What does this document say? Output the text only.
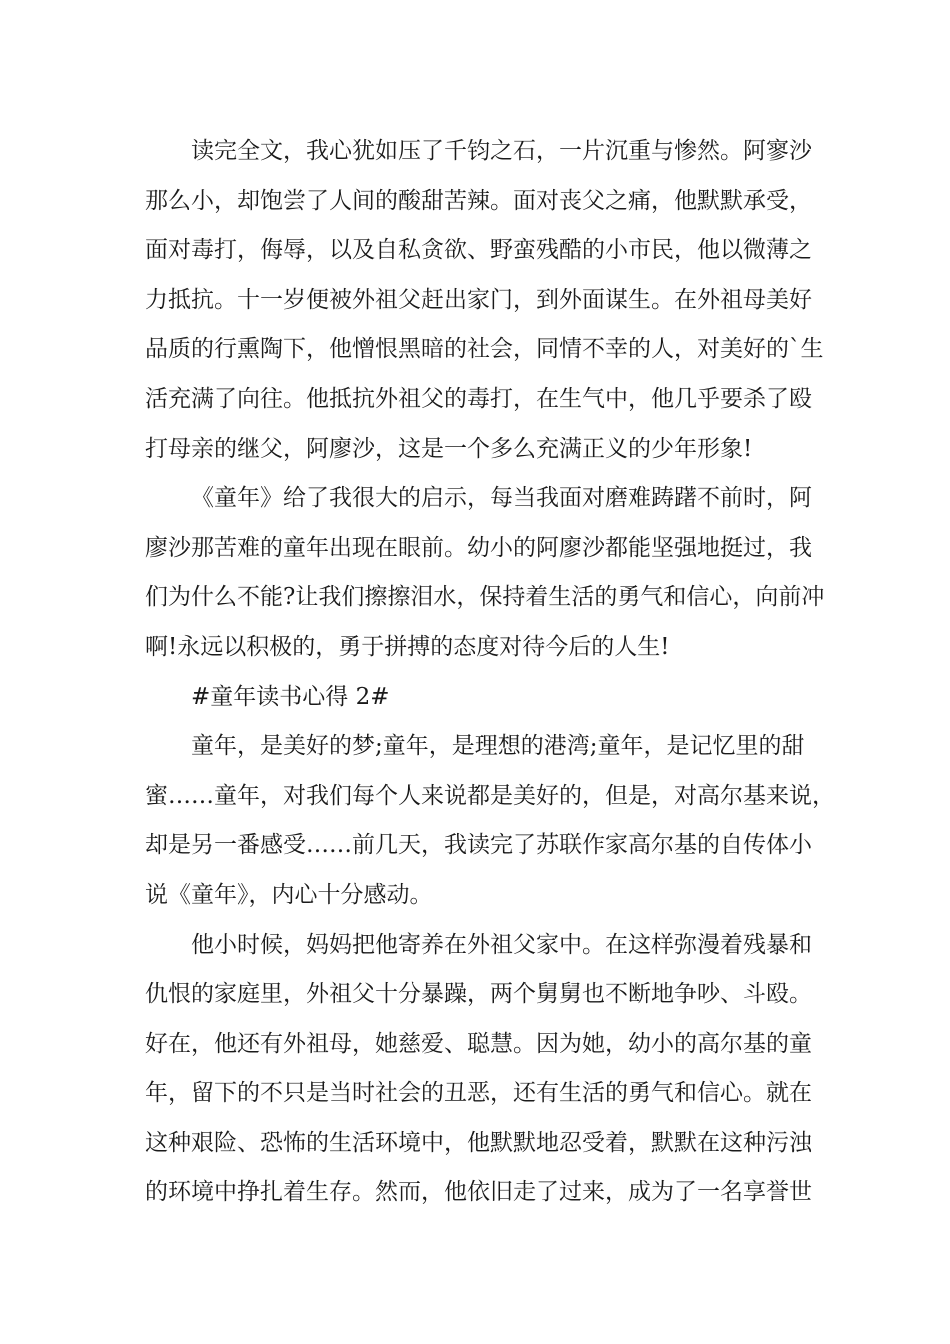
读完全文，我心犹如压了千钧之石，一片沉重与惨然。阿寥沙
那么小，却饱尝了人间的酸甜苦辣。面对丧父之痛，他默默承受，
面对毒打，侮辱，以及自私贪欲、野蛮残酷的小市民，他以微薄之
力抵抗。十一岁便被外祖父赶出家门，到外面谋生。在外祖母美好
品质的行熏陶下，他憎恨黑暗的社会，同情不幸的人，对美好的`生
活充满了向往。他抵抗外祖父的毒打，在生气中，他几乎要杀了殴
打母亲的继父，阿廖沙，这是一个多么充满正义的少年形象!
《童年》给了我很大的启示，每当我面对磨难踌躇不前时，阿
廖沙那苦难的童年出现在眼前。幼小的阿廖沙都能坚强地挺过，我
们为什么不能?让我们擦擦泪水，保持着生活的勇气和信心，向前冲
啊!永远以积极的，勇于拼搏的态度对待今后的人生!
#童年读书心得 2#
童年，是美好的梦;童年，是理想的港湾;童年，是记忆里的甜
蜜……童年，对我们每个人来说都是美好的，但是，对高尔基来说，
却是另一番感受……前几天，我读完了苏联作家高尔基的自传体小
说《童年》，内心十分感动。
他小时候，妈妈把他寄养在外祖父家中。在这样弥漫着残暴和
仇恨的家庭里，外祖父十分暴躁，两个舅舅也不断地争吵、斗殴。
好在，他还有外祖母，她慈爱、聪慧。因为她，幼小的高尔基的童
年，留下的不只是当时社会的丑恶，还有生活的勇气和信心。就在
这种艰险、恐怖的生活环境中，他默默地忍受着，默默在这种污浊
的环境中挣扎着生存。然而，他依旧走了过来，成为了一名享誉世
